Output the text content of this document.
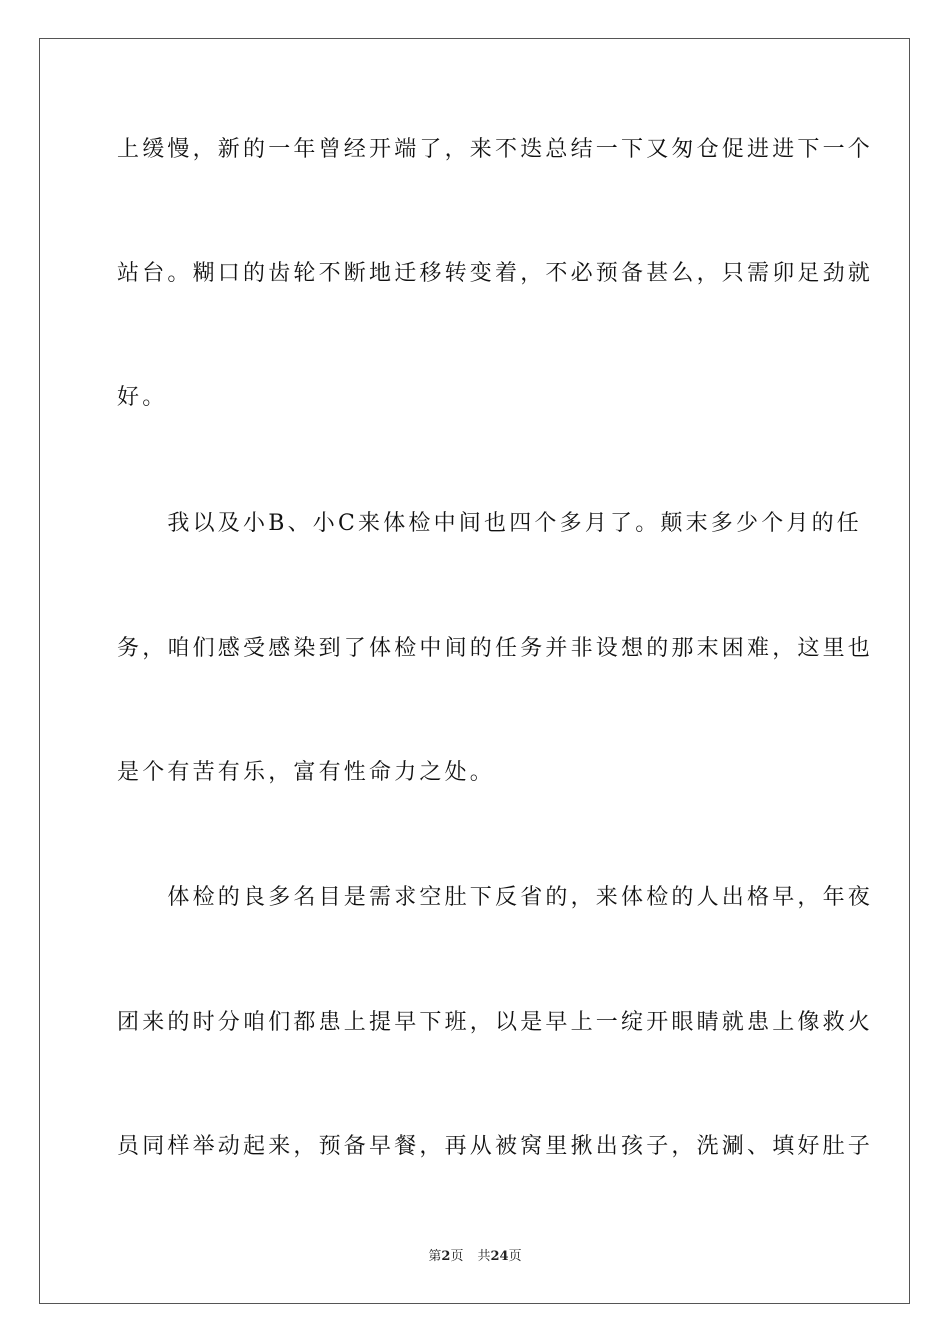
上缓慢，新的一年曾经开端了，来不迭总结一下又匆仓促进进下一个
站台。糊口的齿轮不断地迁移转变着，不必预备甚么，只需卯足劲就
好。
　　我以及小B、小C来体检中间也四个多月了。颠末多少个月的任
务，咱们感受感染到了体检中间的任务并非设想的那末困难，这里也
是个有苦有乐，富有性命力之处。
　　体检的良多名目是需求空肚下反省的，来体检的人出格早，年夜
团来的时分咱们都患上提早下班，以是早上一绽开眼睛就患上像救火
员同样举动起来，预备早餐，再从被窝里揪出孩子，洗涮、填好肚子
第2页 共24页
